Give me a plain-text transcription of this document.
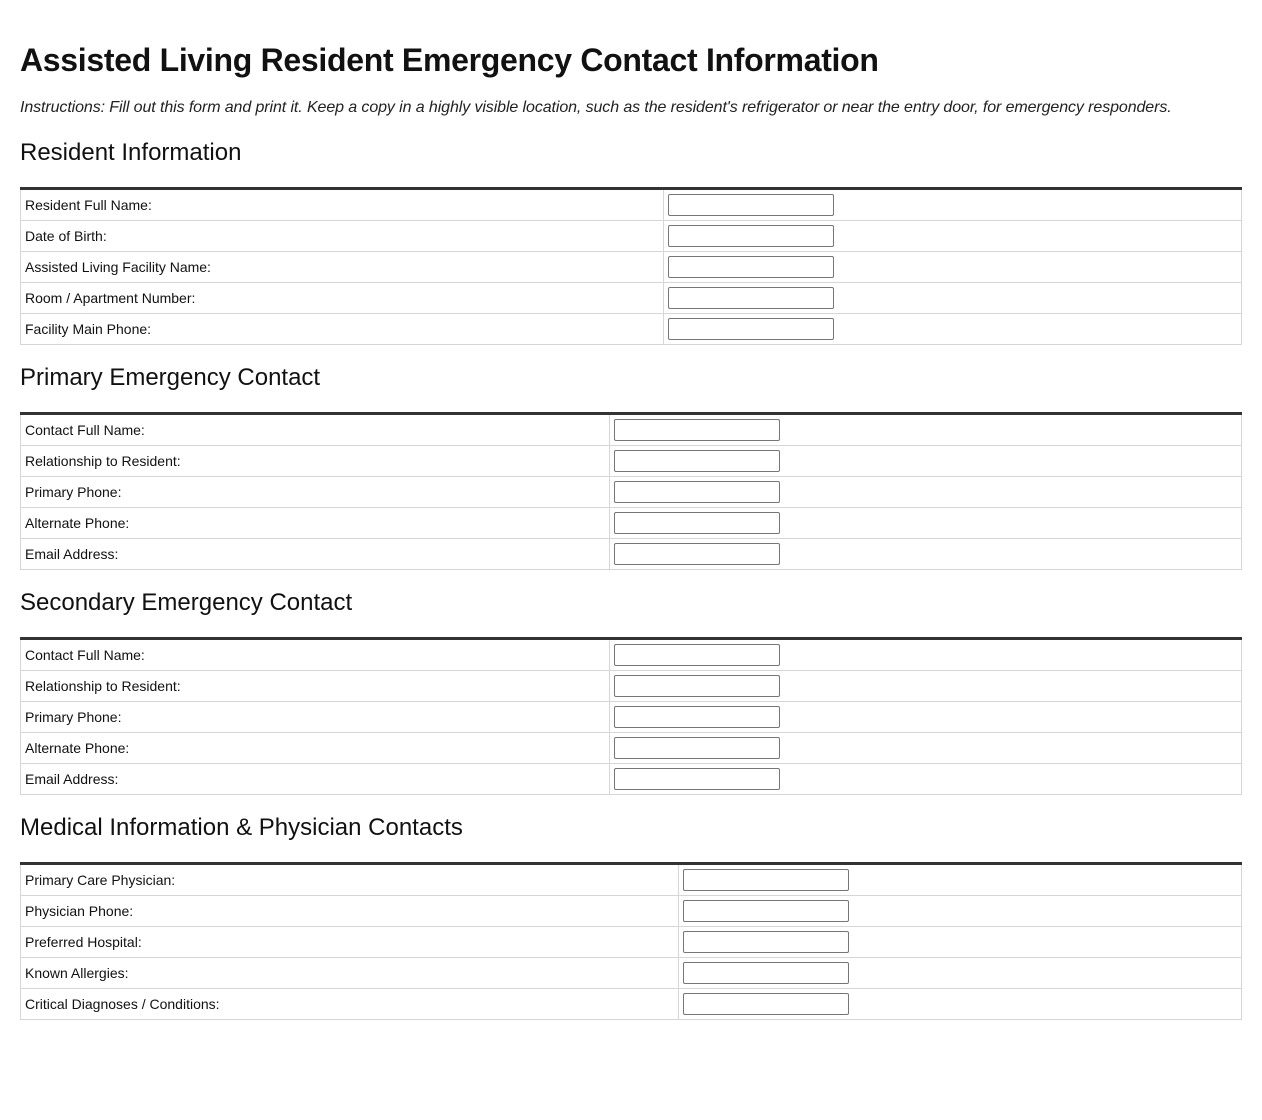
Assisted Living Resident Emergency Contact Information

Instructions: Fill out this form and print it. Keep a copy in a highly visible location, such as the resident's refrigerator or near the entry door, for emergency responders.

Resident Information
Resident Full Name:	

Date of Birth:	

Assisted Living Facility Name:	

Room / Apartment Number:	

Facility Main Phone:	
Primary Emergency Contact
Contact Full Name:	

Relationship to Resident:	

Primary Phone:	

Alternate Phone:	

Email Address:	
Secondary Emergency Contact
Contact Full Name:	

Relationship to Resident:	

Primary Phone:	

Alternate Phone:	

Email Address:	
Medical Information & Physician Contacts
Primary Care Physician:	

Physician Phone:	

Preferred Hospital:	

Known Allergies:	

Critical Diagnoses / Conditions:	
